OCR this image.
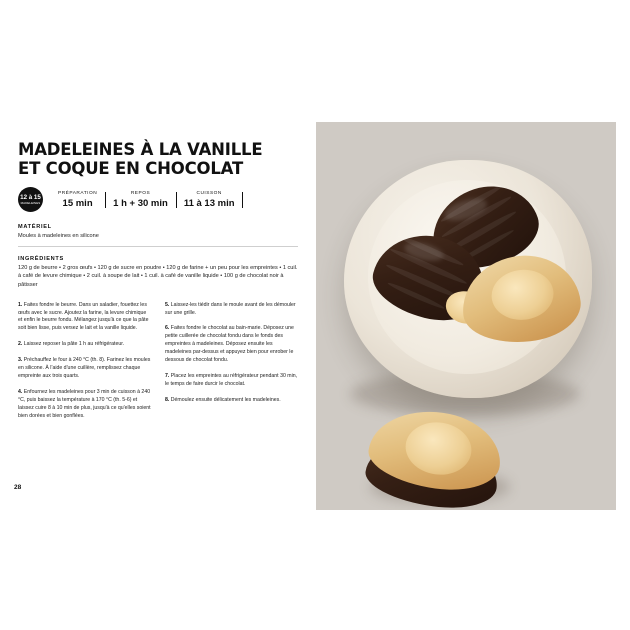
MADELEINES À LA VANILLE
ET COQUE EN CHOCOLAT
12 à 15
MADELEINES
PRÉPARATION
15 min
REPOS
1 h + 30 min
CUISSON
11 à 13 min
MATÉRIEL

Moules à madeleines en silicone

INGRÉDIENTS

120 g de beurre • 2 gros œufs • 120 g de sucre en poudre • 120 g de farine + un peu pour les empreintes • 1 cuil. à café de levure chimique • 2 cuil. à soupe de lait • 1 cuil. à café de vanille liquide • 100 g de chocolat noir à pâtisser

1. Faites fondre le beurre. Dans un saladier, fouettez les œufs avec le sucre. Ajoutez la farine, la levure chimique et enfin le beurre fondu. Mélangez jusqu'à ce que la pâte soit bien lisse, puis versez le lait et la vanille liquide.

2. Laissez reposer la pâte 1 h au réfrigérateur.

3. Préchauffez le four à 240 °C (th. 8). Farinez les moules en silicone. À l'aide d'une cuillère, remplissez chaque empreinte aux trois quarts.

4. Enfournez les madeleines pour 3 min de cuisson à 240 °C, puis baissez la température à 170 °C (th. 5-6) et laissez cuire 8 à 10 min de plus, jusqu'à ce qu'elles soient bien dorées et bien gonflées.

5. Laissez-les tiédir dans le moule avant de les démouler sur une grille.

6. Faites fondre le chocolat au bain-marie. Déposez une petite cuillerée de chocolat fondu dans le fonds des empreintes à madeleines. Déposez ensuite les madeleines par-dessus et appuyez bien pour enrober le dessous de chocolat fondu.

7. Placez les empreintes au réfrigérateur pendant 30 min, le temps de faire durcir le chocolat.

8. Démoulez ensuite délicatement les madeleines.

28
